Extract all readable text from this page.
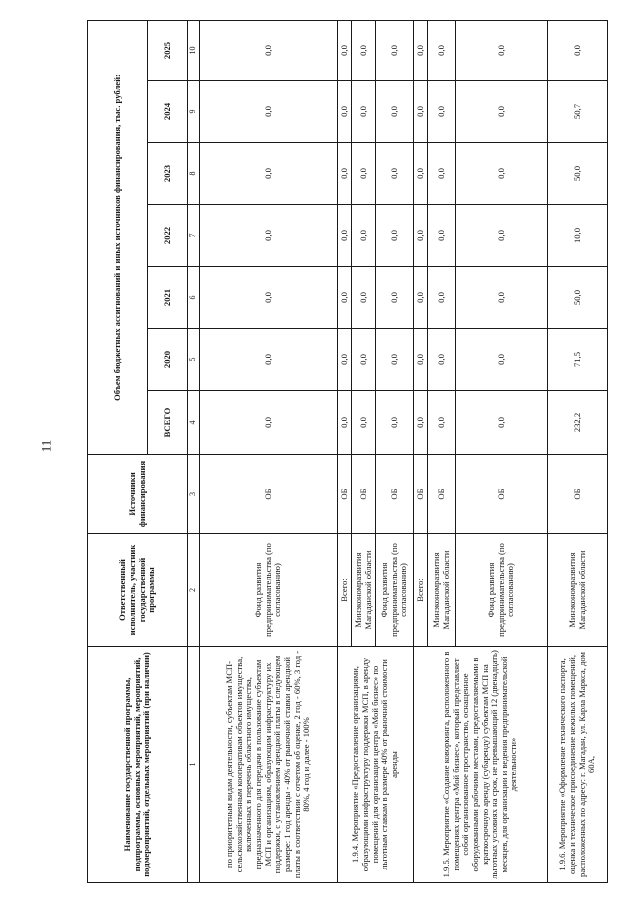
11
Наименование государственной программы, подпрограммы, основных мероприятий, мероприятий, подмероприятий, отдельных мероприятий (при наличии)	Ответственный исполнитель, участник государственной программы	Источники финансирования	Объем бюджетных ассигнований и иных источников финансирования, тыс. рублей:						
			ВСЕГО	2020	2021	2022	2023	2024	2025
1	2	3	4	5	6	7	8	9	10
по приоритетным видам деятельности, субъектам МСП- сельскохозяйственным кооперативам объектов имущества, включенных в перечень областного имущества, предназначенного для передачи в пользование субъектам МСП и организациям, образующим инфраструктуру их поддержки, с установлением арендной платы в следующем размере: 1 год аренды - 40% от рыночной ставки арендной платы в соответствии с отчетом об оценке, 2 год - 60%, 3 год - 80%, 4 год и далее - 100%	Фонд развития предпринимательства (по согласованию)	ОБ	0,0	0,0	0,0	0,0	0,0	0,0	0,0
1.9.4. Мероприятие «Предоставление организациями, образующими инфраструктуру поддержки МСП, в аренду помещений для организации центра «Мой бизнес» по льготным ставкам в размере 40% от рыночной стоимости аренды	Всего:	ОБ	0,0	0,0	0,0	0,0	0,0	0,0	0,0
	Минэкономразвития Магаданской области	ОБ	0,0	0,0	0,0	0,0	0,0	0,0	0,0
	Фонд развития предпринимательства (по согласованию)	ОБ	0,0	0,0	0,0	0,0	0,0	0,0	0,0
1.9.5. Мероприятие «Создание коворкинга, расположенного в помещениях центра «Мой бизнес», который представляет собой организованное пространство, оснащенное оборудованными рабочими местами, предоставляемыми в краткосрочную аренду (субаренду) субъектам МСП на льготных условиях на срок, не превышающий 12 (двенадцать) месяцев, для организации и ведения предпринимательской деятельности»	Всего:	ОБ	0,0	0,0	0,0	0,0	0,0	0,0	0,0
	Минэкономразвития Магаданской области	ОБ	0,0	0,0	0,0	0,0	0,0	0,0	0,0
	Фонд развития предпринимательства (по согласованию)	ОБ	0,0	0,0	0,0	0,0	0,0	0,0	0,0
1.9.6. Мероприятие «Оформление технического паспорта, оценка и техническое присоединение нежилых помещений, расположенных по адресу: г. Магадан, ул. Карла Маркса, дом 60А,	Минэкономразвития Магаданской области	ОБ	232,2	71,5	50,0	10,0	50,0	50,7	0,0
